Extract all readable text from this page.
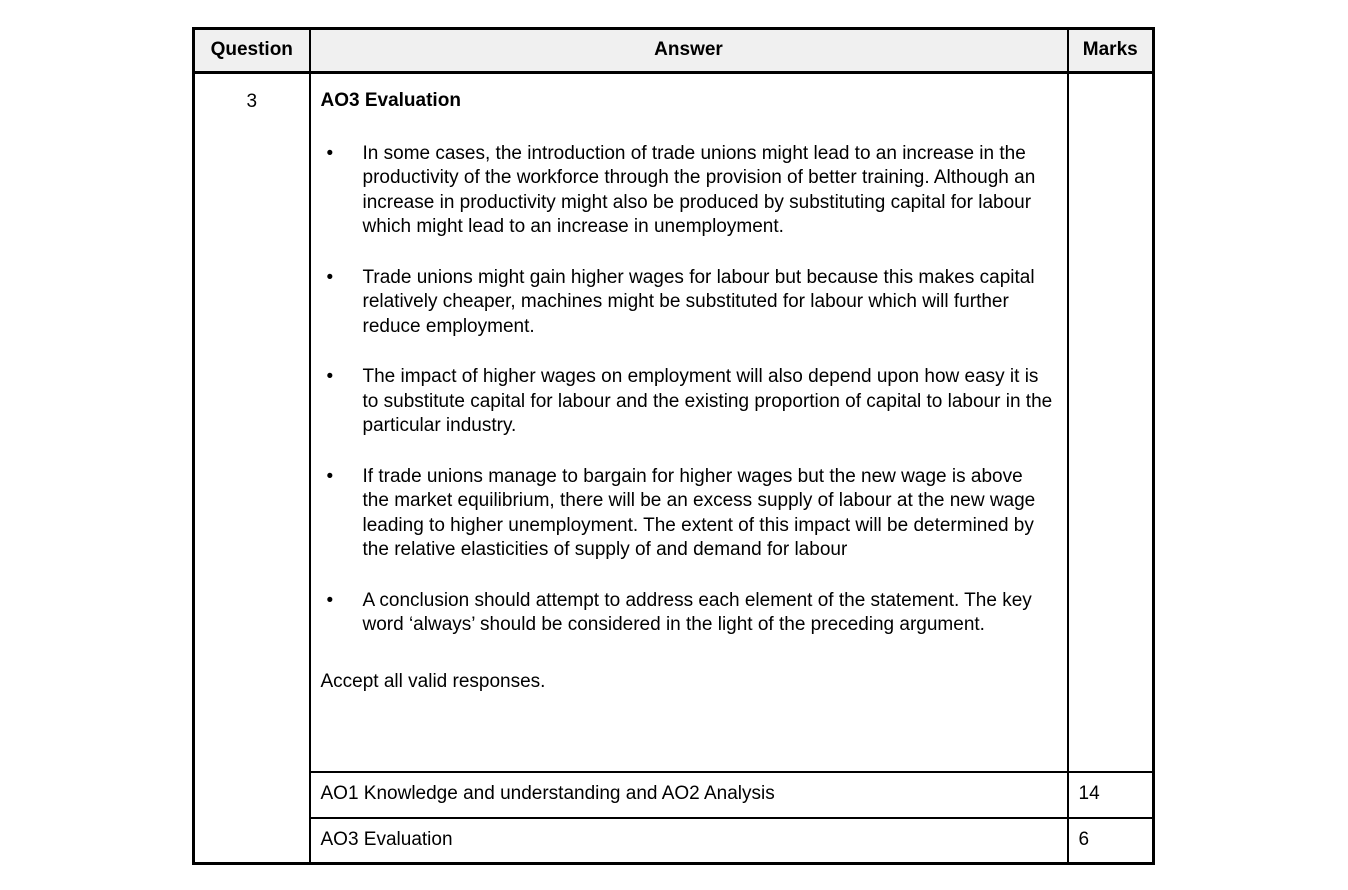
Question	Answer	Marks
3	AO3 Evaluation
• In some cases, the introduction of trade unions might lead to an increase in the productivity of the workforce through the provision of better training. Although an increase in productivity might also be produced by substituting capital for labour which might lead to an increase in unemployment.
• Trade unions might gain higher wages for labour but because this makes capital relatively cheaper, machines might be substituted for labour which will further reduce employment.
• The impact of higher wages on employment will also depend upon how easy it is to substitute capital for labour and the existing proportion of capital to labour in the particular industry.
• If trade unions manage to bargain for higher wages but the new wage is above the market equilibrium, there will be an excess supply of labour at the new wage leading to higher unemployment. The extent of this impact will be determined by the relative elasticities of supply of and demand for labour
• A conclusion should attempt to address each element of the statement. The key word ‘always’ should be considered in the light of the preceding argument.
Accept all valid responses.

	AO1 Knowledge and understanding and AO2 Analysis	14
	AO3 Evaluation	6
